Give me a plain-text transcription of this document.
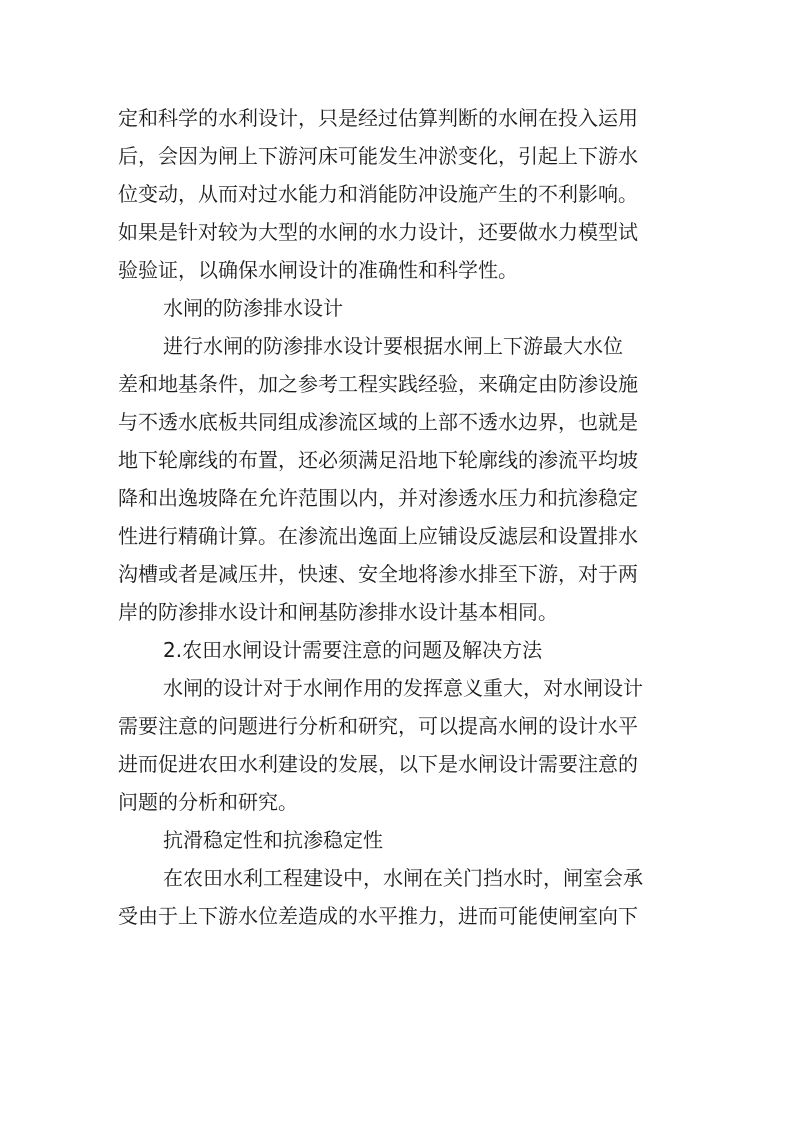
定和科学的水利设计，只是经过估算判断的水闸在投入运用
后，会因为闸上下游河床可能发生冲淤变化，引起上下游水
位变动，从而对过水能力和消能防冲设施产生的不利影响。
如果是针对较为大型的水闸的水力设计，还要做水力模型试
验验证，以确保水闸设计的准确性和科学性。
水闸的防渗排水设计
进行水闸的防渗排水设计要根据水闸上下游最大水位
差和地基条件，加之参考工程实践经验，来确定由防渗设施
与不透水底板共同组成渗流区域的上部不透水边界，也就是
地下轮廓线的布置，还必须满足沿地下轮廓线的渗流平均坡
降和出逸坡降在允许范围以内，并对渗透水压力和抗渗稳定
性进行精确计算。在渗流出逸面上应铺设反滤层和设置排水
沟槽或者是减压井，快速、安全地将渗水排至下游，对于两
岸的防渗排水设计和闸基防渗排水设计基本相同。
2.农田水闸设计需要注意的问题及解决方法
水闸的设计对于水闸作用的发挥意义重大，对水闸设计
需要注意的问题进行分析和研究，可以提高水闸的设计水平
进而促进农田水利建设的发展，以下是水闸设计需要注意的
问题的分析和研究。
抗滑稳定性和抗渗稳定性
在农田水利工程建设中，水闸在关门挡水时，闸室会承
受由于上下游水位差造成的水平推力，进而可能使闸室向下
